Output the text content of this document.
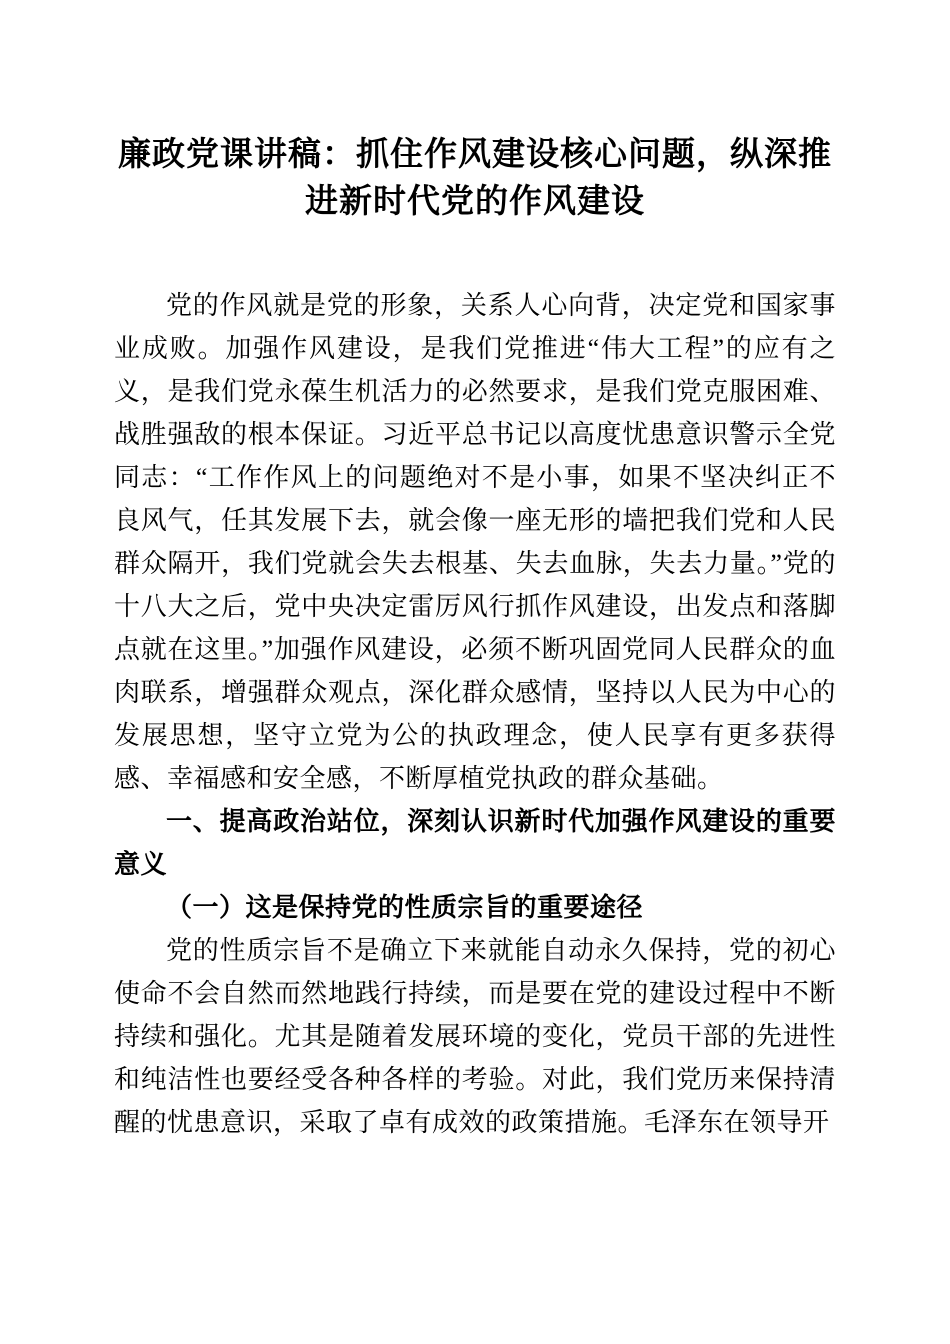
廉政党课讲稿：抓住作风建设核心问题，纵深推进新时代党的作风建设

党的作风就是党的形象，关系人心向背，决定党和国家事业成败。加强作风建设，是我们党推进“伟大工程”的应有之义，是我们党永葆生机活力的必然要求，是我们党克服困难、战胜强敌的根本保证。习近平总书记以高度忧患意识警示全党同志：“工作作风上的问题绝对不是小事，如果不坚决纠正不良风气，任其发展下去，就会像一座无形的墙把我们党和人民群众隔开，我们党就会失去根基、失去血脉，失去力量。”党的十八大之后，党中央决定雷厉风行抓作风建设，出发点和落脚点就在这里。”加强作风建设，必须不断巩固党同人民群众的血肉联系，增强群众观点，深化群众感情，坚持以人民为中心的发展思想，坚守立党为公的执政理念，使人民享有更多获得感、幸福感和安全感，不断厚植党执政的群众基础。

一、提高政治站位，深刻认识新时代加强作风建设的重要意义
（一）这是保持党的性质宗旨的重要途径

党的性质宗旨不是确立下来就能自动永久保持，党的初心使命不会自然而然地践行持续，而是要在党的建设过程中不断持续和强化。尤其是随着发展环境的变化，党员干部的先进性和纯洁性也要经受各种各样的考验。对此，我们党历来保持清醒的忧患意识，采取了卓有成效的政策措施。毛泽东在领导开
